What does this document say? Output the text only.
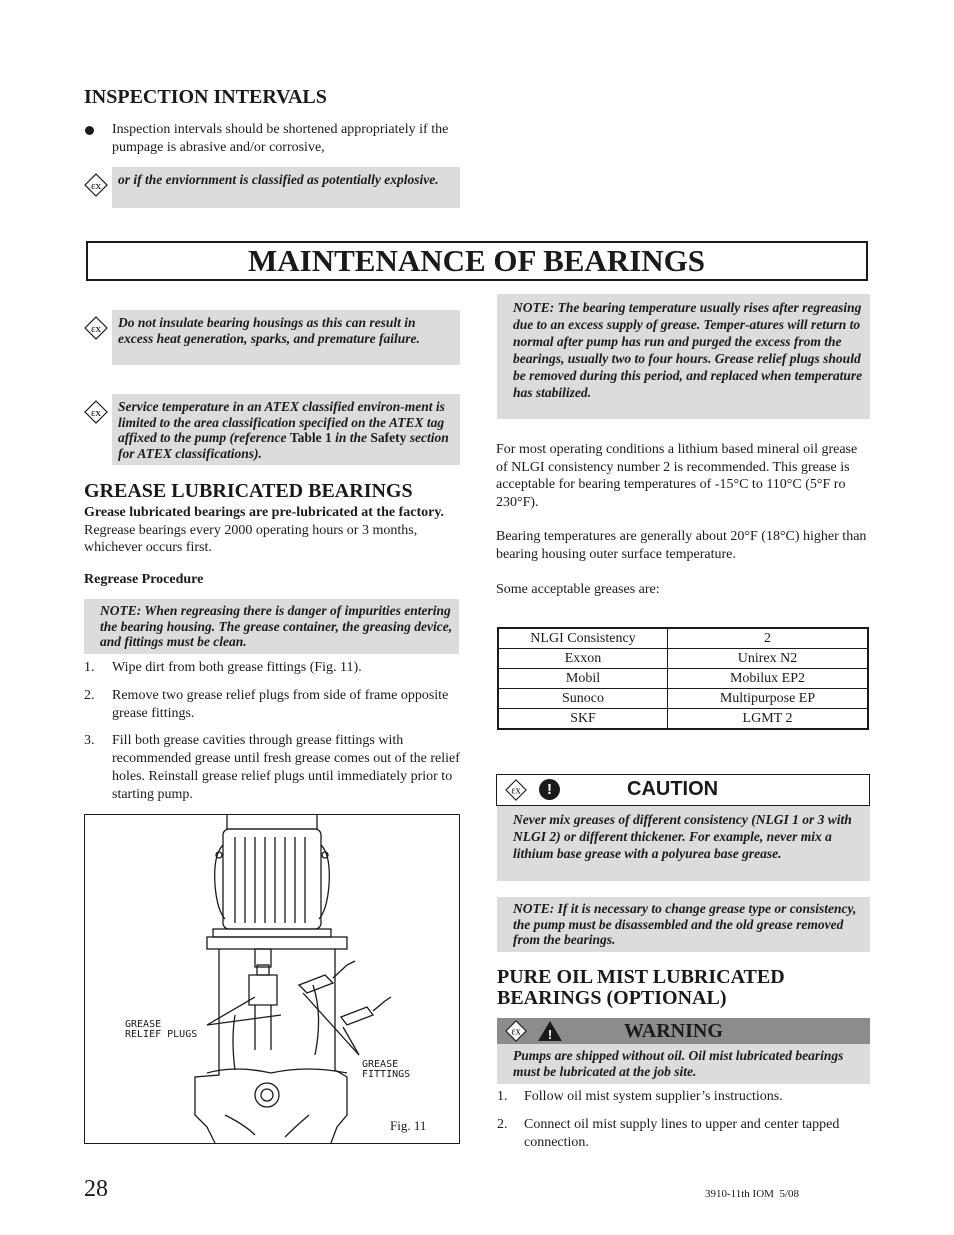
INSPECTION INTERVALS
Inspection intervals should be shortened appropriately if the pumpage is abrasive and/or corrosive,
or if the enviornment is classified as potentially explosive.
ɛx
MAINTENANCE OF BEARINGS
Do not insulate bearing housings as this can result in excess heat generation, sparks, and premature failure.
ɛx
Service temperature in an ATEX classified environ-ment is limited to the area classification specified on the ATEX tag affixed to the pump (reference Table 1 in the Safety section for ATEX classifications).
ɛx
GREASE LUBRICATED BEARINGS
Grease lubricated bearings are pre-lubricated at the factory. Regrease bearings every 2000 operating hours or 3 months, whichever occurs first.
Regrease Procedure
NOTE: When regreasing there is danger of impurities entering the bearing housing. The grease container, the greasing device, and fittings must be clean.
1. Wipe dirt from both grease fittings (Fig. 11).
2. Remove two grease relief plugs from side of frame opposite grease fittings.
3. Fill both grease cavities through grease fittings with recommended grease until fresh grease comes out of the relief holes. Reinstall grease relief plugs until immediately prior to starting pump.
GREASE
RELIEF PLUGS
GREASE
FITTINGS
Fig. 11
NOTE: The bearing temperature usually rises after regreasing due to an excess supply of grease. Temper-atures will return to normal after pump has run and purged the excess from the bearings, usually two to four hours. Grease relief plugs should be removed during this period, and replaced when temperature has stabilized.
For most operating conditions a lithium based mineral oil grease of NLGI consistency number 2 is recommended. This grease is acceptable for bearing temperatures of -15°C to 110°C (5°F ro 230°F).
Bearing temperatures are generally about 20°F (18°C) higher than bearing housing outer surface temperature.
Some acceptable greases are:
NLGI Consistency	2
Exxon	Unirex N2
Mobil	Mobilux EP2
Sunoco	Multipurpose EP
SKF	LGMT 2
ɛx	!	CAUTION
Never mix greases of different consistency (NLGI 1 or 3 with NLGI 2) or different thickener. For example, never mix a lithium base grease with a polyurea base grease.
NOTE: If it is necessary to change grease type or consistency, the pump must be disassembled and the old grease removed from the bearings.
PURE OIL MIST LUBRICATED
BEARINGS (OPTIONAL)
ɛx !	WARNING
Pumps are shipped without oil. Oil mist lubricated bearings must be lubricated at the job site.
1. Follow oil mist system supplier’s instructions.
2. Connect oil mist supply lines to upper and center tapped connection.
28	3910-11th IOM  5/08
